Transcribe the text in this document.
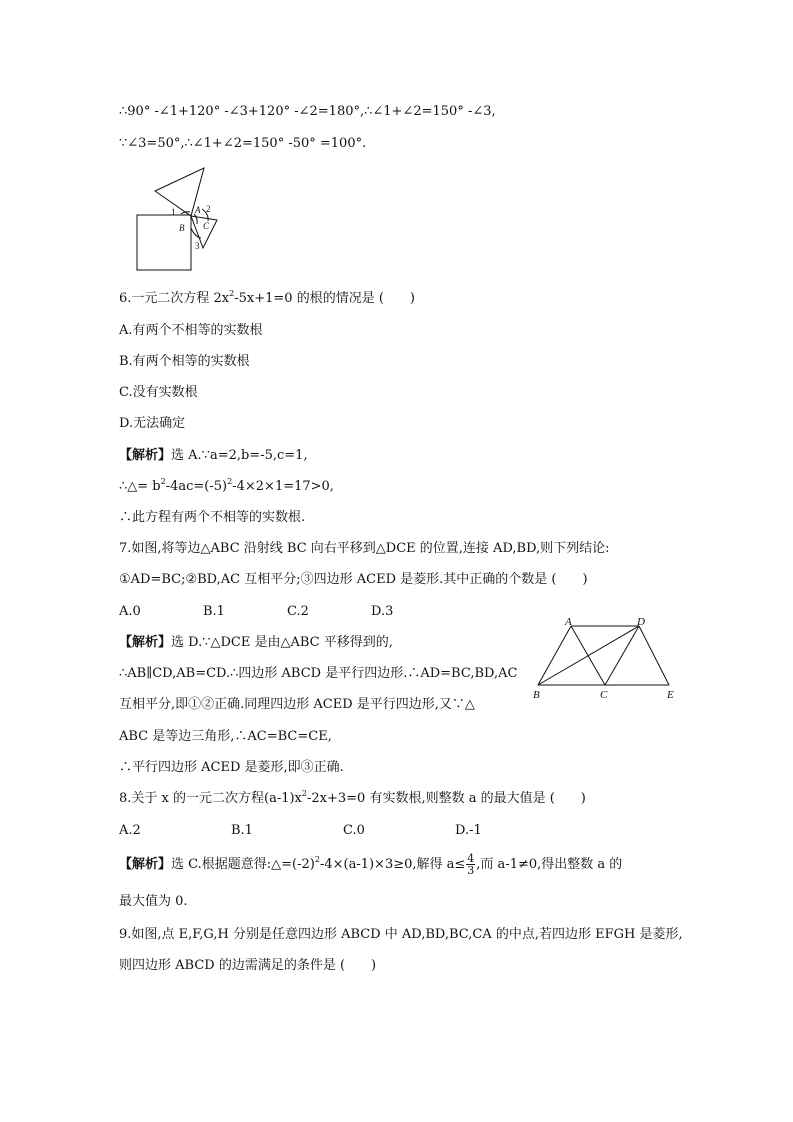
∴90° -∠1+120° -∠3+120° -∠2=180°,∴∠1+∠2=150° -∠3,
∵∠3=50°,∴∠1+∠2=150° -50° =100°.
1	2
3
A
B C
6.一元二次方程 $2x^2-5x+1=0$ 的根的情况是 (　　)
A.有两个不相等的实数根
B.有两个相等的实数根
C.没有实数根
D.无法确定
【解析】选 A.∵a=2,b=-5,c=1,
∴△= $b^2-4ac=(-5)^2-4\times 2\times 1=17>0$,
∴此方程有两个不相等的实数根.
7.如图,将等边△ABC 沿射线 BC 向右平移到△DCE 的位置,连接 AD,BD,则下列结论:
①AD=BC;②BD,AC 互相平分;③四边形 ACED 是菱形.其中正确的个数是 (　　)
A.0	B.1	C.2	D.3
【解析】选 D.∵△DCE 是由△ABC 平移得到的,
∴AB∥CD,AB=CD.∴四边形 ABCD 是平行四边形.∴AD=BC,BD,AC
互相平分,即①②正确.同理四边形 ACED 是平行四边形,又∵△
ABC 是等边三角形,∴AC=BC=CE,
∴平行四边形 ACED 是菱形,即③正确.
A	D
B	C	E
8.关于 x 的一元二次方程$(a-1)x^2-2x+3=0$ 有实数根,则整数 a 的最大值是 (　　)
A.2	B.1	C.0	D.-1
【解析】选 C.根据题意得$:\triangle=(-2)^2-4\times(a-1)\times 3\ge 0$,解得 $a\le \frac{4}{3}$ ,而 a-1≠0,得出整数 a 的
最大值为 0.
9.如图,点 E,F,G,H 分别是任意四边形 ABCD 中 AD,BD,BC,CA 的中点,若四边形 EFGH 是菱形,
则四边形 ABCD 的边需满足的条件是 (　　)
